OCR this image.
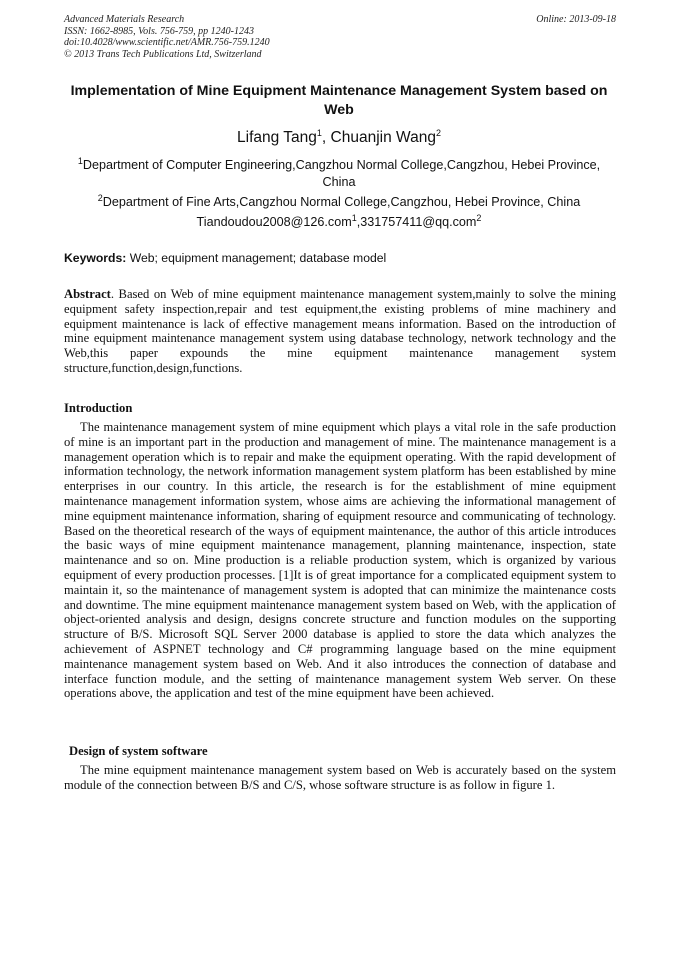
Advanced Materials Research
ISSN: 1662-8985, Vols. 756-759, pp 1240-1243
doi:10.4028/www.scientific.net/AMR.756-759.1240
© 2013 Trans Tech Publications Ltd, Switzerland
Online: 2013-09-18
Implementation of Mine Equipment Maintenance Management System based on Web
Lifang Tang$^1$, Chuanjin Wang$^2$
$^1$Department of Computer Engineering,Cangzhou Normal College,Cangzhou, Hebei Province, China
$^2$Department of Fine Arts,Cangzhou Normal College,Cangzhou, Hebei Province, China
Tiandoudou2008@126.com$^1$,331757411@qq.com$^2$
Keywords: Web; equipment management; database model
Abstract. Based on Web of mine equipment maintenance management system,mainly to solve the mining equipment safety inspection,repair and test equipment,the existing problems of mine machinery and equipment maintenance is lack of effective management means information. Based on the introduction of mine equipment maintenance management system using database technology, network technology and the Web,this paper expounds the mine equipment maintenance management system structure,function,design,functions.
Introduction
The maintenance management system of mine equipment which plays a vital role in the safe production of mine is an important part in the production and management of mine. The maintenance management is a management operation which is to repair and make the equipment operating. With the rapid development of information technology, the network information management system platform has been established by mine enterprises in our country. In this article, the research is for the establishment of mine equipment maintenance management information system, whose aims are achieving the informational management of mine equipment maintenance information, sharing of equipment resource and communicating of technology. Based on the theoretical research of the ways of equipment maintenance, the author of this article introduces the basic ways of mine equipment maintenance management, planning maintenance, inspection, state maintenance and so on. Mine production is a reliable production system, which is organized by various equipment of every production processes. [1]It is of great importance for a complicated equipment system to maintain it, so the maintenance of management system is adopted that can minimize the maintenance costs and downtime. The mine equipment maintenance management system based on Web, with the application of object-oriented analysis and design, designs concrete structure and function modules on the supporting structure of B/S. Microsoft SQL Server 2000 database is applied to store the data which analyzes the achievement of ASPNET technology and C# programming language based on the mine equipment maintenance management system based on Web. And it also introduces the connection of database and interface function module, and the setting of maintenance management system Web server. On these operations above, the application and test of the mine equipment have been achieved.
Design of system software
The mine equipment maintenance management system based on Web is accurately based on the system module of the connection between B/S and C/S, whose software structure is as follow in figure 1.
